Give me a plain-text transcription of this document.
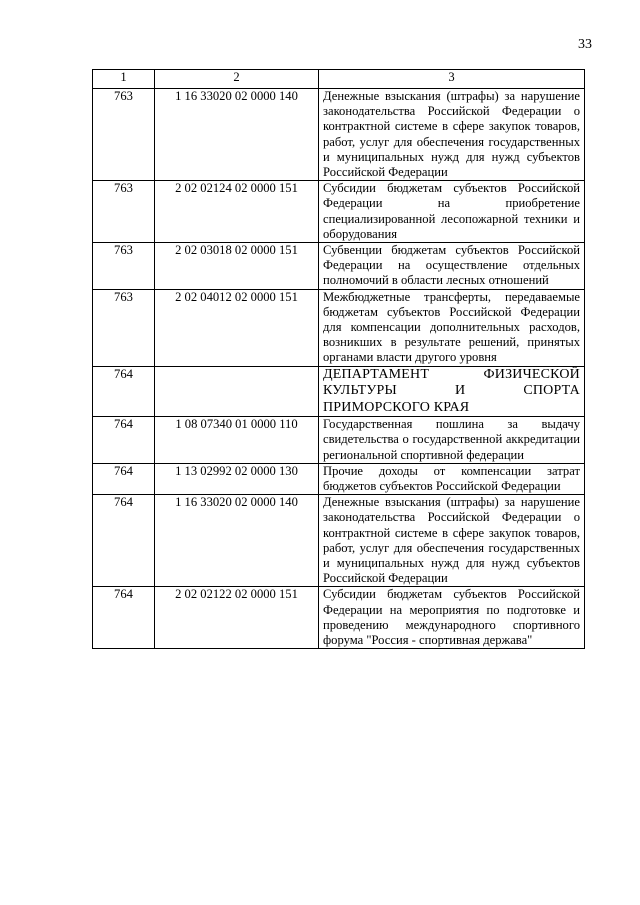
33
1	2	3
763	1 16 33020 02 0000 140	Денежные взыскания (штрафы) за нарушение законодательства Российской Федерации о контрактной системе в сфере закупок товаров, работ, услуг для обеспечения государственных и муниципальных нужд для нужд субъектов Российской Федерации
763	2 02 02124 02 0000 151	Субсидии бюджетам субъектов Российской Федерации на приобретение специализированной лесопожарной техники и оборудования
763	2 02 03018 02 0000 151	Субвенции бюджетам субъектов Российской Федерации на осуществление отдельных полномочий в области лесных отношений
763	2 02 04012 02 0000 151	Межбюджетные трансферты, передаваемые бюджетам субъектов Российской Федерации для компенсации дополнительных расходов, возникших в результате решений, принятых органами власти другого уровня
764		ДЕПАРТАМЕНТ ФИЗИЧЕСКОЙ КУЛЬТУРЫ И СПОРТА ПРИМОРСКОГО КРАЯ
764	1 08 07340 01 0000 110	Государственная пошлина за выдачу свидетельства о государственной аккредитации региональной спортивной федерации
764	1 13 02992 02 0000 130	Прочие доходы от компенсации затрат бюджетов субъектов Российской Федерации
764	1 16 33020 02 0000 140	Денежные взыскания (штрафы) за нарушение законодательства Российской Федерации о контрактной системе в сфере закупок товаров, работ, услуг для обеспечения государственных и муниципальных нужд для нужд субъектов Российской Федерации
764	2 02 02122 02 0000 151	Субсидии бюджетам субъектов Российской Федерации на мероприятия по подготовке и проведению международного спортивного форума "Россия - спортивная держава"
